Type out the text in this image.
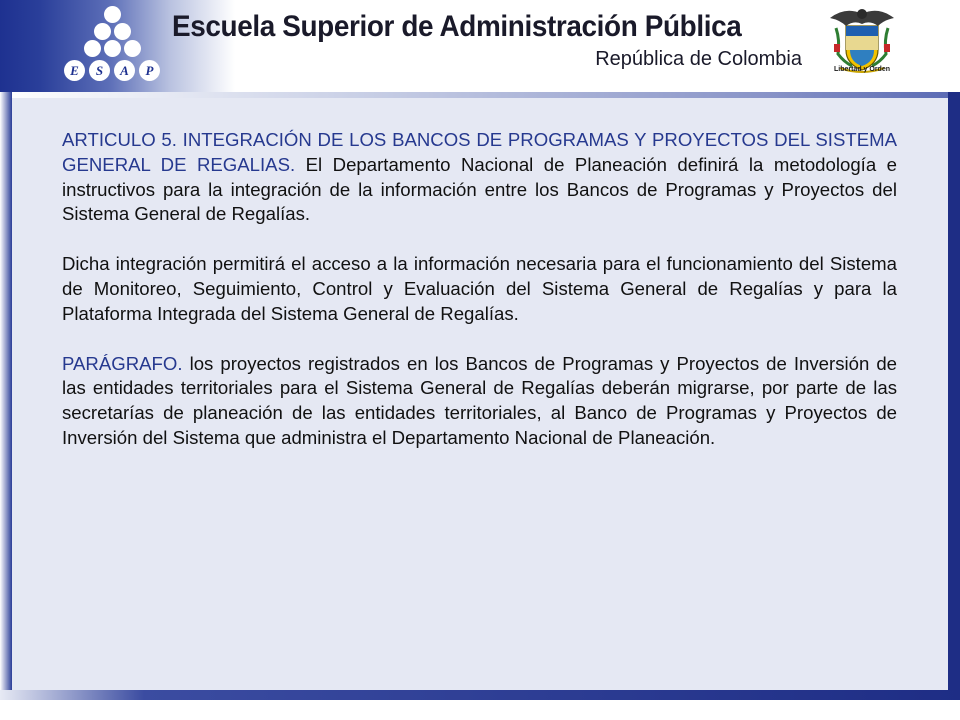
E	S	A	P
Escuela Superior de Administración Pública
República de Colombia	Libertad y Orden

ARTICULO 5. INTEGRACIÓN DE LOS BANCOS DE PROGRAMAS Y PROYECTOS DEL SISTEMA GENERAL DE REGALIAS. El Departamento Nacional de Planeación definirá la metodología e instructivos para la integración de la información entre los Bancos de Programas y Proyectos del Sistema General de Regalías.

Dicha integración permitirá el acceso a la información necesaria para el funcionamiento del Sistema de Monitoreo, Seguimiento, Control y Evaluación del Sistema General de Regalías y para la Plataforma Integrada del Sistema General de Regalías.

PARÁGRAFO. los proyectos registrados en los Bancos de Programas y Proyectos de Inversión de las entidades territoriales para el Sistema General de Regalías deberán migrarse, por parte de las secretarías de planeación de las entidades territoriales, al Banco de Programas y Proyectos de Inversión del Sistema que administra el Departamento Nacional de Planeación.
